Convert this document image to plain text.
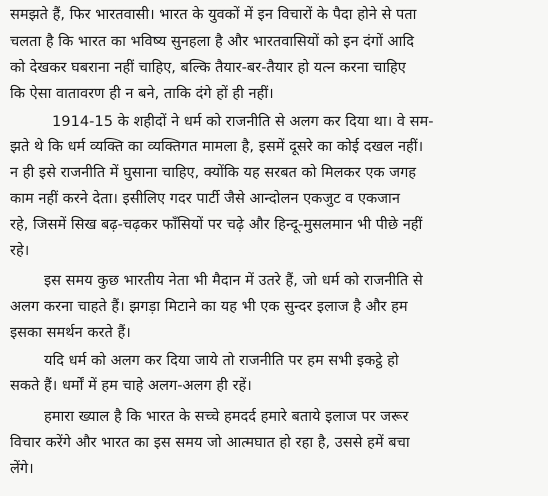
समझते हैं, फिर भारतवासी। भारत के युवकों में इन विचारों के पैदा होने से पता
चलता है कि भारत का भविष्य सुनहला है और भारतवासियों को इन दंगों आदि
को देखकर घबराना नहीं चाहिए, बल्कि तैयार-बर-तैयार हो यत्न करना चाहिए
कि ऐसा वातावरण ही न बने, ताकि दंगे हों ही नहीं।
1914-15 के शहीदों ने धर्म को राजनीति से अलग कर दिया था। वे सम-
झते थे कि धर्म व्यक्ति का व्यक्तिगत मामला है, इसमें दूसरे का कोई दखल नहीं।
न ही इसे राजनीति में घुसाना चाहिए, क्योंकि यह सरबत को मिलकर एक जगह
काम नहीं करने देता। इसीलिए गदर पार्टी जैसे आन्दोलन एकजुट व एकजान
रहे, जिसमें सिख बढ़-चढ़कर फाँसियों पर चढ़े और हिन्दू-मुसलमान भी पीछे नहीं
रहे।
इस समय कुछ भारतीय नेता भी मैदान में उतरे हैं, जो धर्म को राजनीति से
अलग करना चाहते हैं। झगड़ा मिटाने का यह भी एक सुन्दर इलाज है और हम
इसका समर्थन करते हैं।
यदि धर्म को अलग कर दिया जाये तो राजनीति पर हम सभी इकट्ठे हो
सकते हैं। धर्मों में हम चाहे अलग-अलग ही रहें।
हमारा ख्याल है कि भारत के सच्चे हमदर्द हमारे बताये इलाज पर जरूर
विचार करेंगे और भारत का इस समय जो आत्मघात हो रहा है, उससे हमें बचा
लेंगे।
